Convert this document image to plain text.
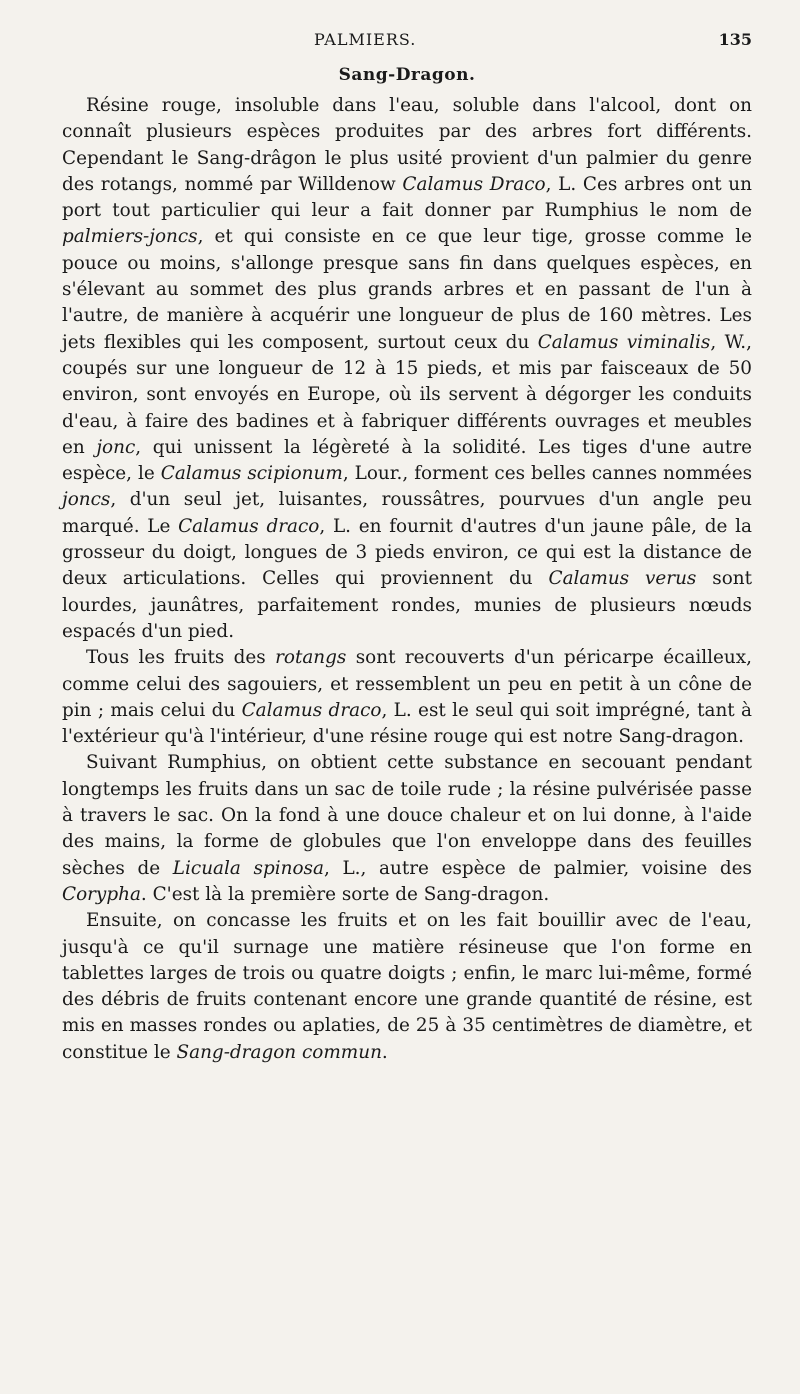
PALMIERS.	135
Sang-Dragon.

Résine rouge, insoluble dans l'eau, soluble dans l'alcool, dont on connaît plusieurs espèces produites par des arbres fort différents. Cependant le Sang-drâgon le plus usité provient d'un palmier du genre des rotangs, nommé par Willdenow Calamus Draco, L. Ces arbres ont un port tout particulier qui leur a fait donner par Rumphius le nom de palmiers-joncs, et qui consiste en ce que leur tige, grosse comme le pouce ou moins, s'allonge presque sans fin dans quelques espèces, en s'élevant au sommet des plus grands arbres et en passant de l'un à l'autre, de manière à acquérir une longueur de plus de 160 mètres. Les jets flexibles qui les composent, surtout ceux du Calamus viminalis, W., coupés sur une longueur de 12 à 15 pieds, et mis par faisceaux de 50 environ, sont envoyés en Europe, où ils servent à dégorger les conduits d'eau, à faire des badines et à fabriquer différents ouvrages et meubles en jonc, qui unissent la légèreté à la solidité. Les tiges d'une autre espèce, le Calamus scipionum, Lour., forment ces belles cannes nommées joncs, d'un seul jet, luisantes, roussâtres, pourvues d'un angle peu marqué. Le Calamus draco, L. en fournit d'autres d'un jaune pâle, de la grosseur du doigt, longues de 3 pieds environ, ce qui est la distance de deux articulations. Celles qui proviennent du Calamus verus sont lourdes, jaunâtres, parfaitement rondes, munies de plusieurs nœuds espacés d'un pied.

Tous les fruits des rotangs sont recouverts d'un péricarpe écailleux, comme celui des sagouiers, et ressemblent un peu en petit à un cône de pin ; mais celui du Calamus draco, L. est le seul qui soit imprégné, tant à l'extérieur qu'à l'intérieur, d'une résine rouge qui est notre Sang-dragon.

Suivant Rumphius, on obtient cette substance en secouant pendant longtemps les fruits dans un sac de toile rude ; la résine pulvérisée passe à travers le sac. On la fond à une douce chaleur et on lui donne, à l'aide des mains, la forme de globules que l'on enveloppe dans des feuilles sèches de Licuala spinosa, L., autre espèce de palmier, voisine des Corypha. C'est là la première sorte de Sang-dragon.

Ensuite, on concasse les fruits et on les fait bouillir avec de l'eau, jusqu'à ce qu'il surnage une matière résineuse que l'on forme en tablettes larges de trois ou quatre doigts ; enfin, le marc lui-même, formé des débris de fruits contenant encore une grande quantité de résine, est mis en masses rondes ou aplaties, de 25 à 35 centimètres de diamètre, et constitue le Sang-dragon commun.
